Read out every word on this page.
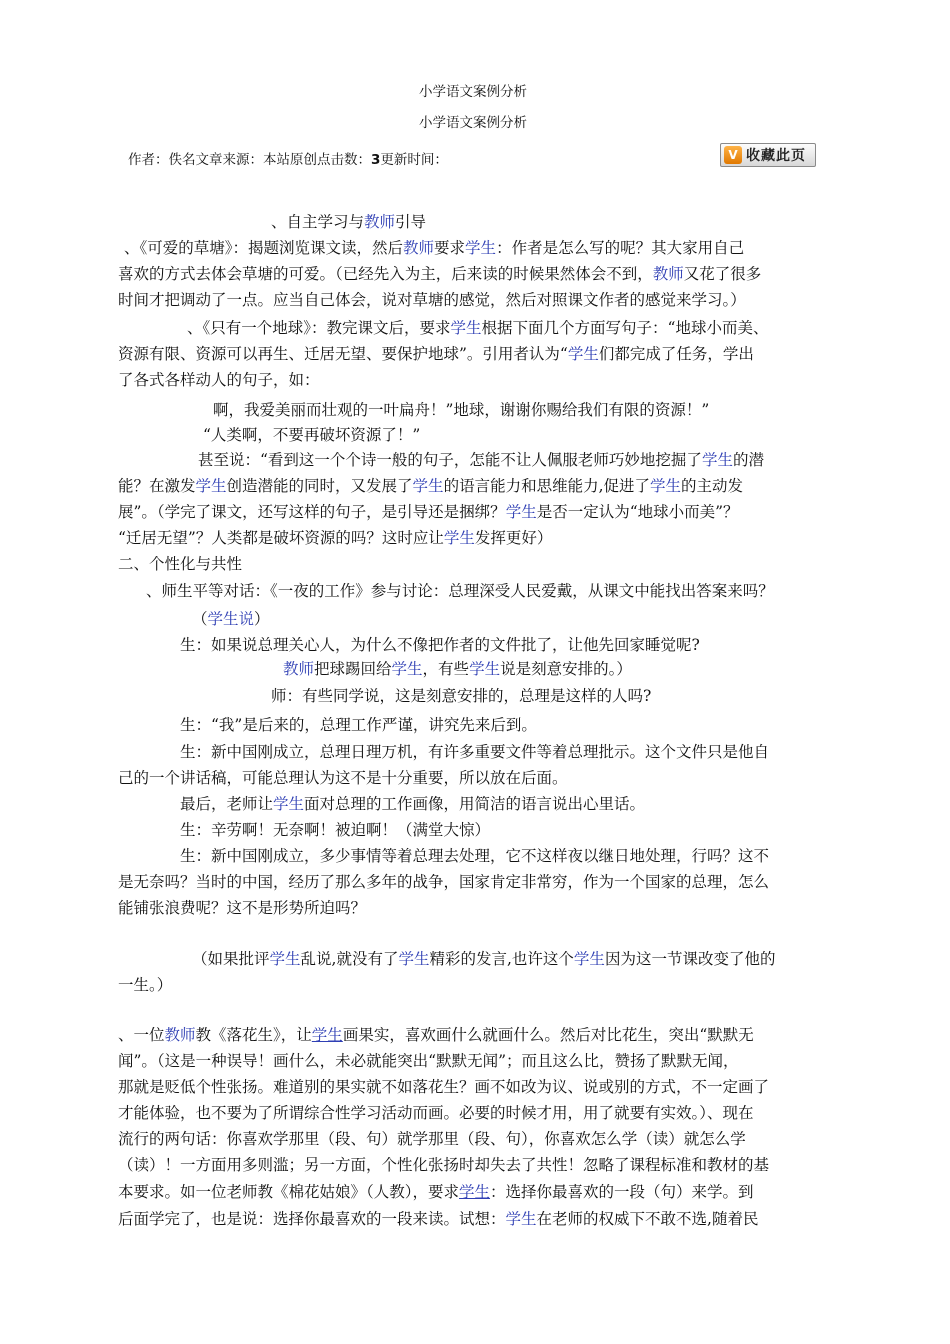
小学语文案例分析
小学语文案例分析
作者：佚名文章来源：本站原创点击数：3更新时间：	V 收藏此页
、自主学习与教师引导
、《可爱的草塘》：揭题浏览课文读，然后教师要求学生：作者是怎么写的呢？其大家用自己
喜欢的方式去体会草塘的可爱。（已经先入为主，后来读的时候果然体会不到，教师又花了很多
时间才把调动了一点。应当自己体会，说对草塘的感觉，然后对照课文作者的感觉来学习。）
、《只有一个地球》：教完课文后，要求学生根据下面几个方面写句子：“地球小而美、
资源有限、资源可以再生、迁居无望、要保护地球”。引用者认为“学生们都完成了任务，学出
了各式各样动人的句子，如：
啊，我爱美丽而壮观的一叶扁舟！”地球，谢谢你赐给我们有限的资源！”
“人类啊，不要再破坏资源了！”
甚至说：“看到这一个个诗一般的句子，怎能不让人佩服老师巧妙地挖掘了学生的潜
能？在激发学生创造潜能的同时，又发展了学生的语言能力和思维能力,促进了学生的主动发
展”。（学完了课文，还写这样的句子，是引导还是捆绑？学生是否一定认为“地球小而美”？
“迁居无望”？人类都是破坏资源的吗？这时应让学生发挥更好）
二、个性化与共性
、师生平等对话：《一夜的工作》参与讨论：总理深受人民爱戴，从课文中能找出答案来吗？
（学生说）
生：如果说总理关心人，为什么不像把作者的文件批了，让他先回家睡觉呢?
教师把球踢回给学生，有些学生说是刻意安排的。）
师：有些同学说，这是刻意安排的，总理是这样的人吗?
生：“我”是后来的，总理工作严谨，讲究先来后到。
生：新中国刚成立，总理日理万机，有许多重要文件等着总理批示。这个文件只是他自
己的一个讲话稿，可能总理认为这不是十分重要，所以放在后面。
最后，老师让学生面对总理的工作画像，用简洁的语言说出心里话。
生：辛劳啊！无奈啊！被迫啊！（满堂大惊）
生：新中国刚成立，多少事情等着总理去处理，它不这样夜以继日地处理，行吗？这不
是无奈吗？当时的中国，经历了那么多年的战争，国家肯定非常穷，作为一个国家的总理，怎么
能铺张浪费呢？这不是形势所迫吗？
（如果批评学生乱说,就没有了学生精彩的发言,也许这个学生因为这一节课改变了他的
一生。）
、一位教师教《落花生》，让学生画果实，喜欢画什么就画什么。然后对比花生，突出“默默无
闻”。（这是一种误导！画什么，未必就能突出“默默无闻”；而且这么比，赞扬了默默无闻，
那就是贬低个性张扬。难道别的果实就不如落花生？画不如改为议、说或别的方式，不一定画了
才能体验，也不要为了所谓综合性学习活动而画。必要的时候才用，用了就要有实效。）、现在
流行的两句话：你喜欢学那里（段、句）就学那里（段、句），你喜欢怎么学（读）就怎么学
（读）！一方面用多则滥；另一方面，个性化张扬时却失去了共性！忽略了课程标准和教材的基
本要求。如一位老师教《棉花姑娘》（人教），要求学生：选择你最喜欢的一段（句）来学。到
后面学完了，也是说：选择你最喜欢的一段来读。试想：学生在老师的权威下不敢不选,随着民
